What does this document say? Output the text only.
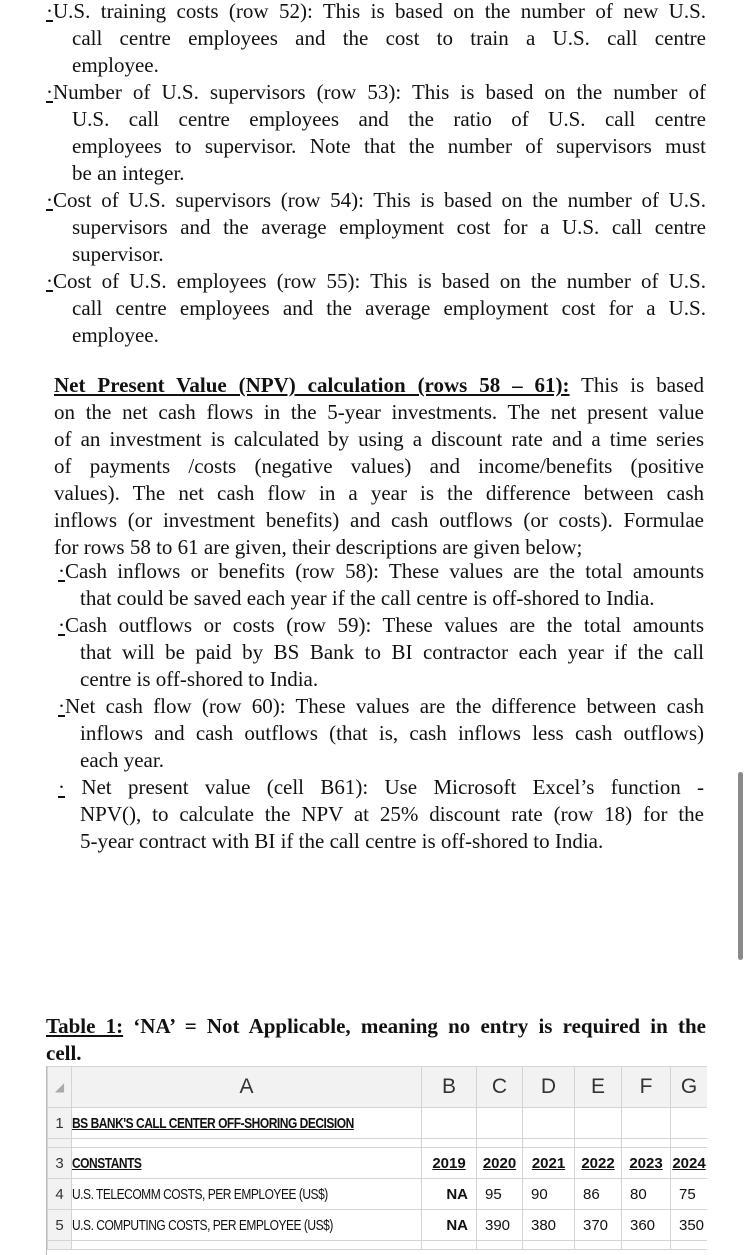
·U.S. training costs (row 52): This is based on the number of new U.S.
call centre employees and the cost to train a U.S. call centre
employee.
·Number of U.S. supervisors (row 53): This is based on the number of
U.S. call centre employees and the ratio of U.S. call centre
employees to supervisor. Note that the number of supervisors must
be an integer.
·Cost of U.S. supervisors (row 54): This is based on the number of U.S.
supervisors and the average employment cost for a U.S. call centre
supervisor.
·Cost of U.S. employees (row 55): This is based on the number of U.S.
call centre employees and the average employment cost for a U.S.
employee.
Net Present Value (NPV) calculation (rows 58 – 61): This is based
on the net cash flows in the 5-year investments. The net present value
of an investment is calculated by using a discount rate and a time series
of payments /costs (negative values) and income/benefits (positive
values). The net cash flow in a year is the difference between cash
inflows (or investment benefits) and cash outflows (or costs). Formulae
for rows 58 to 61 are given, their descriptions are given below;
·Cash inflows or benefits (row 58): These values are the total amounts
that could be saved each year if the call centre is off-shored to India.
·Cash outflows or costs (row 59): These values are the total amounts
that will be paid by BS Bank to BI contractor each year if the call
centre is off-shored to India.
·Net cash flow (row 60): These values are the difference between cash
inflows and cash outflows (that is, cash inflows less cash outflows)
each year.
· Net present value (cell B61): Use Microsoft Excel’s function -
NPV(), to calculate the NPV at 25% discount rate (row 18) for the
5-year contract with BI if the call centre is off-shored to India.
Table 1: ‘NA’ = Not Applicable, meaning no entry is required in the
cell.
◢	A	B	C	D	E	F	G
1	BS BANK'S CALL CENTER OFF-SHORING DECISION						

3	CONSTANTS	2019	2020	2021	2022	2023	2024
4	U.S. TELECOMM COSTS, PER EMPLOYEE (US$)	NA	95	90	86	80	75
5	U.S. COMPUTING COSTS, PER EMPLOYEE (US$)	NA	390	380	370	360	350
